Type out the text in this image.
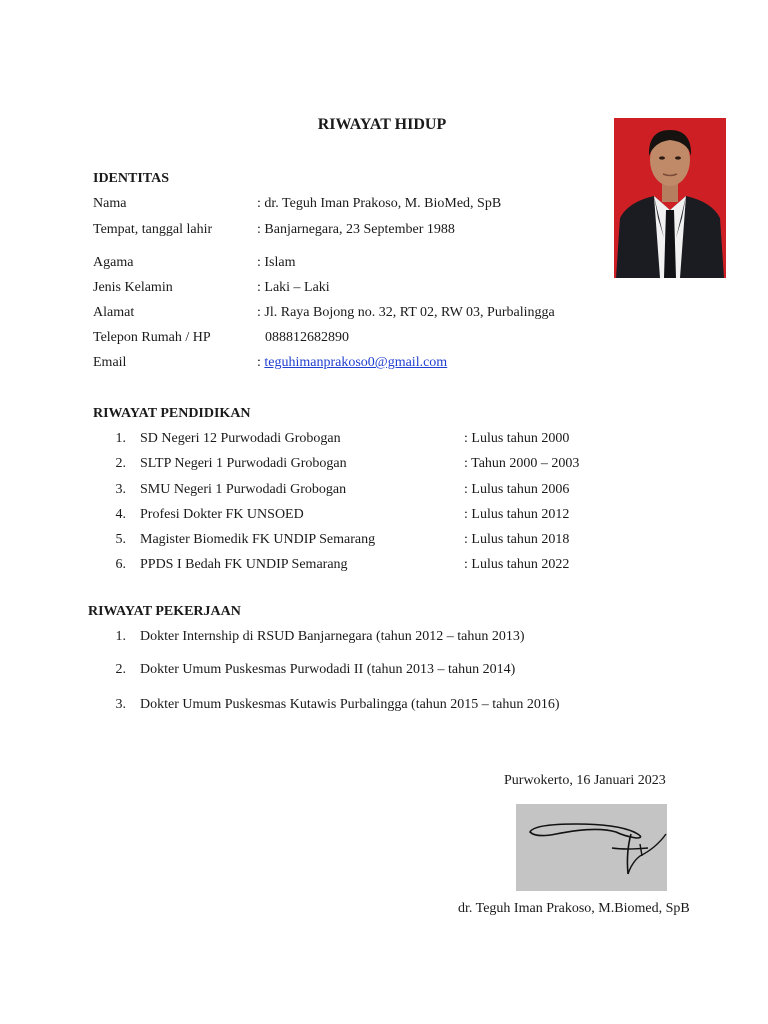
RIWAYAT HIDUP
IDENTITAS
Nama	: dr. Teguh Iman Prakoso, M. BioMed, SpB
Tempat, tanggal lahir	: Banjarnegara, 23 September 1988
Agama	: Islam
Jenis Kelamin	: Laki – Laki
Alamat	: Jl. Raya Bojong no. 32, RT 02, RW 03, Purbalingga
Telepon Rumah / HP	088812682890
Email	: teguhimanprakoso0@gmail.com
RIWAYAT PENDIDIKAN
1. SD Negeri 12 Purwodadi Grobogan	: Lulus tahun 2000
2. SLTP Negeri 1 Purwodadi Grobogan	: Tahun 2000 – 2003
3. SMU Negeri 1 Purwodadi Grobogan	: Lulus tahun 2006
4. Profesi Dokter FK UNSOED	: Lulus tahun 2012
5. Magister Biomedik FK UNDIP Semarang	: Lulus tahun 2018
6. PPDS I Bedah FK UNDIP Semarang	: Lulus tahun 2022
RIWAYAT PEKERJAAN
1. Dokter Internship di RSUD Banjarnegara (tahun 2012 – tahun 2013)
2. Dokter Umum Puskesmas Purwodadi II (tahun 2013 – tahun 2014)
3. Dokter Umum Puskesmas Kutawis Purbalingga (tahun 2015 – tahun 2016)
Purwokerto, 16 Januari 2023
dr. Teguh Iman Prakoso, M.Biomed, SpB
